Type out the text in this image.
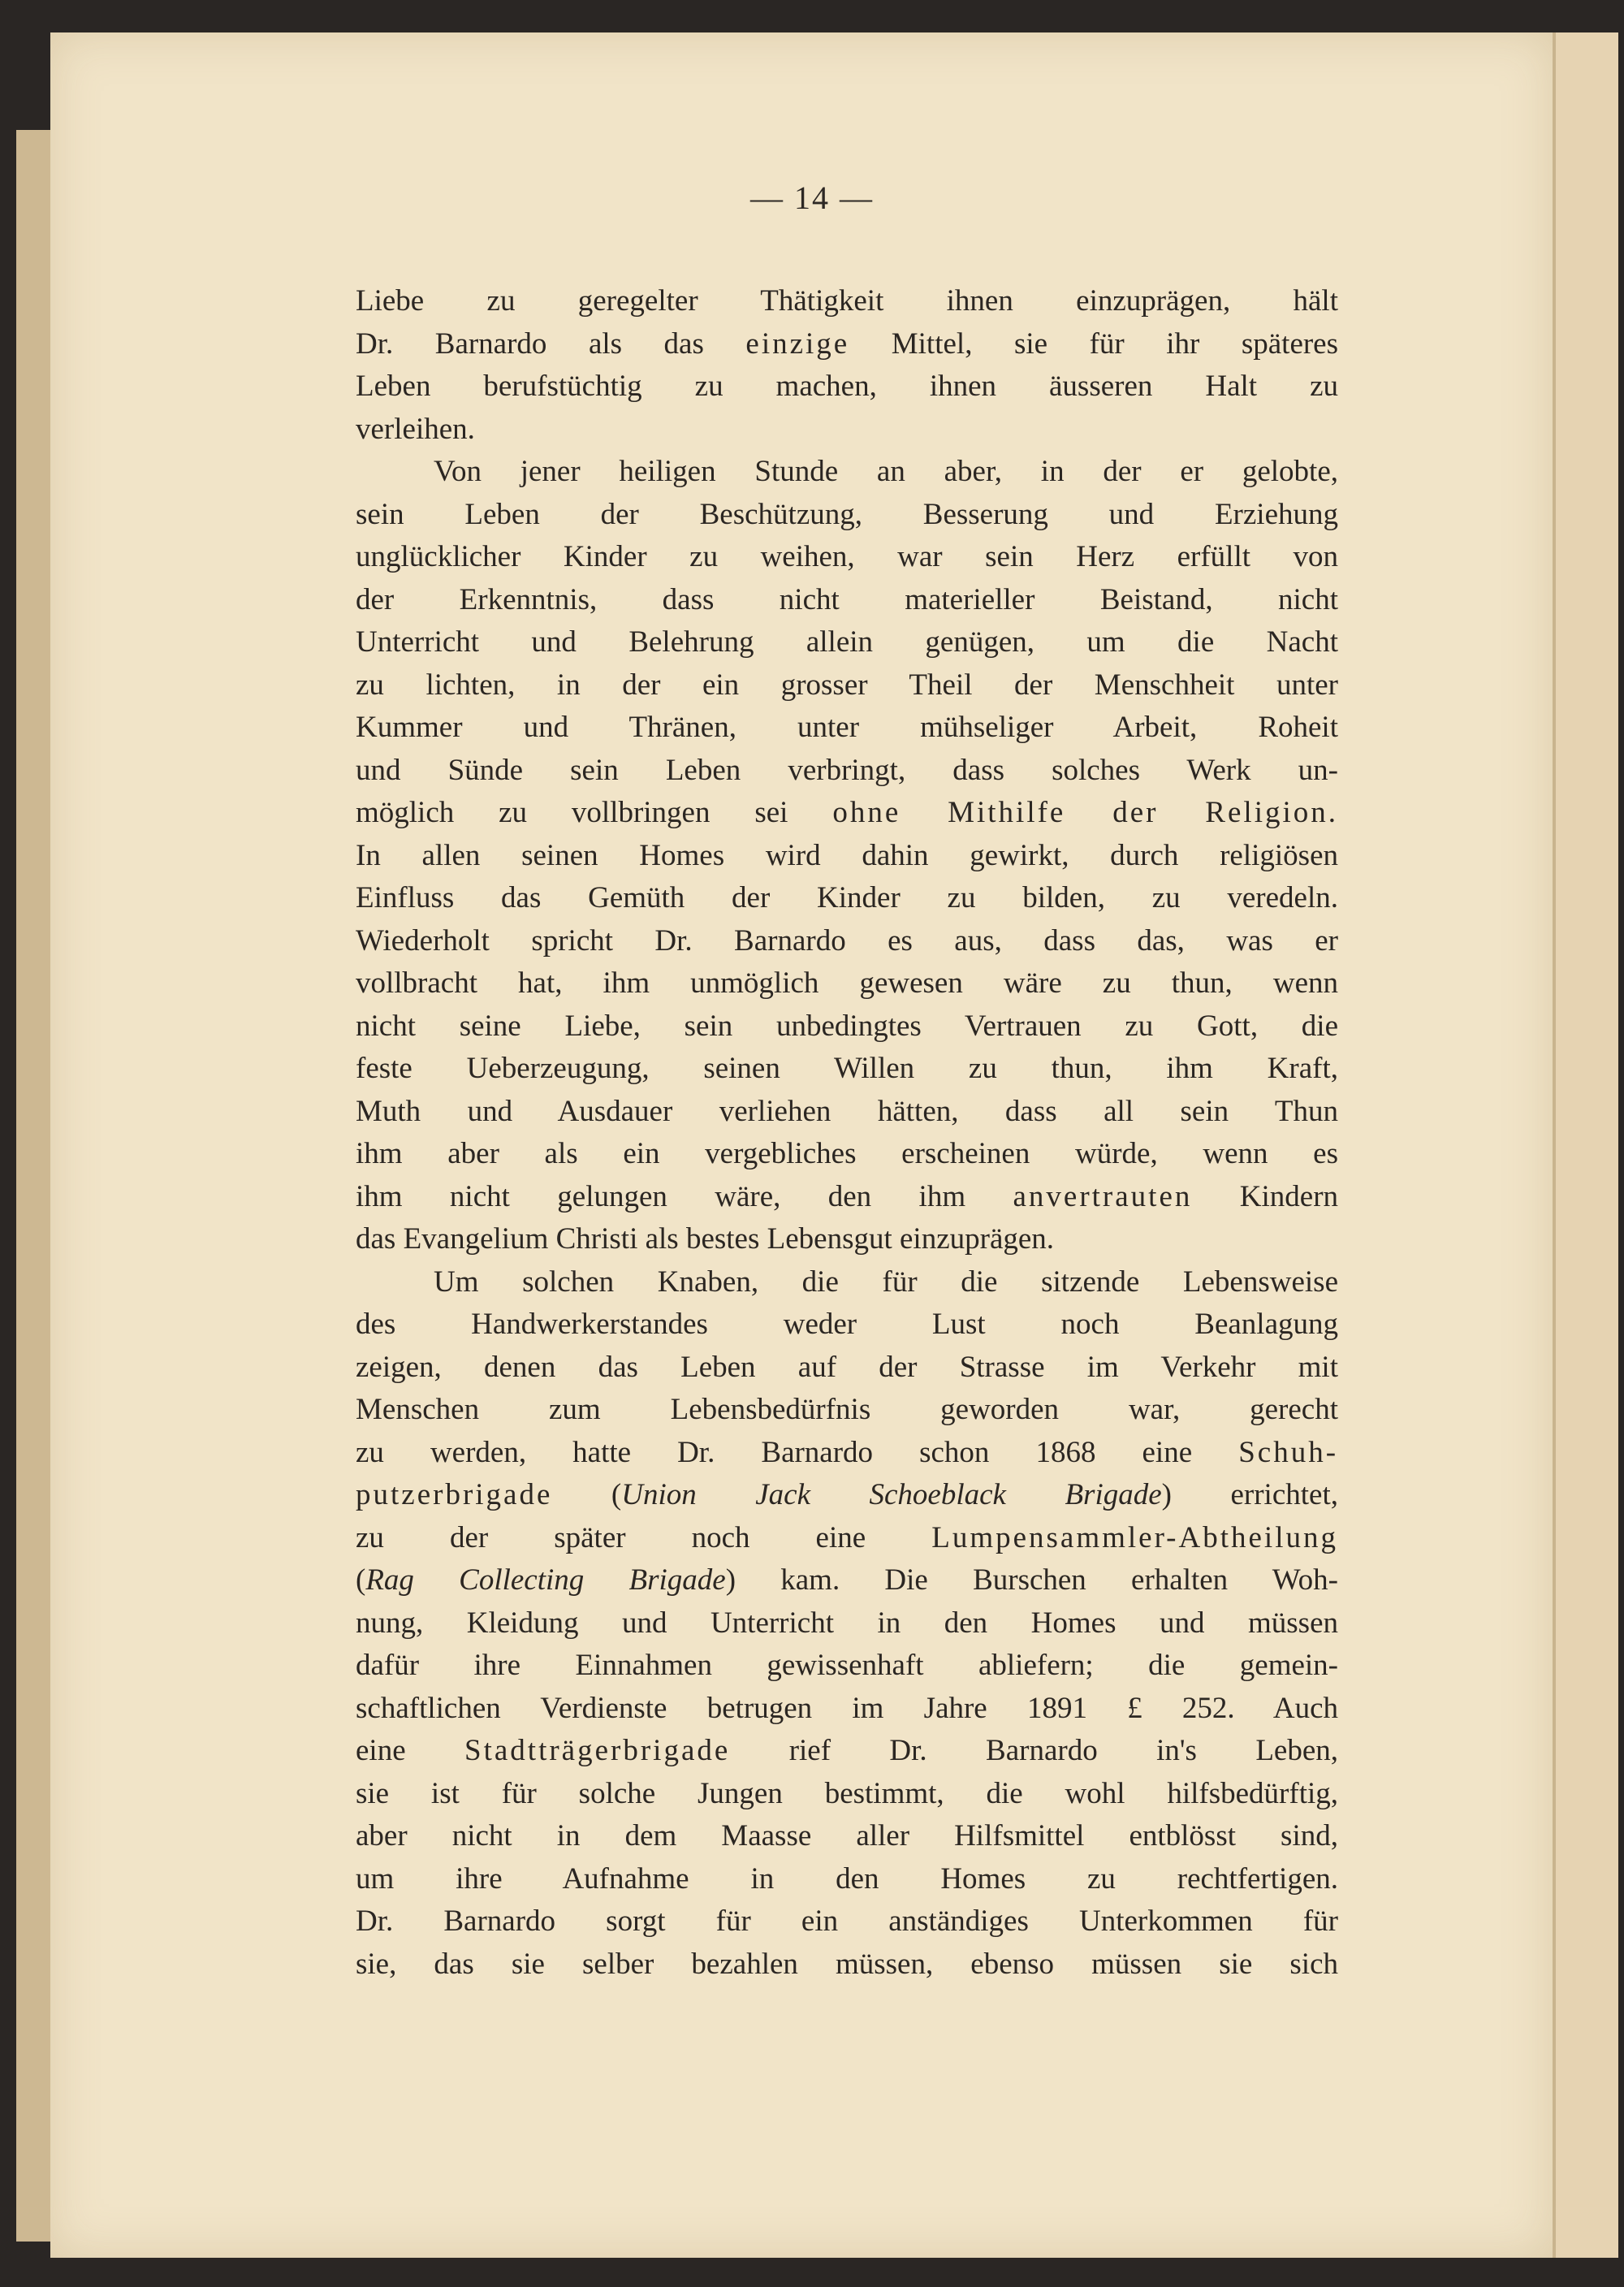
— 14 —
Liebe zu geregelter Thätigkeit ihnen einzuprägen, hält
Dr. Barnardo als das einzige Mittel, sie für ihr späteres
Leben berufstüchtig zu machen, ihnen äusseren Halt zu
verleihen.
Von jener heiligen Stunde an aber, in der er gelobte,
sein Leben der Beschützung, Besserung und Erziehung
unglücklicher Kinder zu weihen, war sein Herz erfüllt von
der Erkenntnis, dass nicht materieller Beistand, nicht
Unterricht und Belehrung allein genügen, um die Nacht
zu lichten, in der ein grosser Theil der Menschheit unter
Kummer und Thränen, unter mühseliger Arbeit, Roheit
und Sünde sein Leben verbringt, dass solches Werk un-
möglich zu vollbringen sei ohne Mithilfe der Religion.
In allen seinen Homes wird dahin gewirkt, durch religiösen
Einfluss das Gemüth der Kinder zu bilden, zu veredeln.
Wiederholt spricht Dr. Barnardo es aus, dass das, was er
vollbracht hat, ihm unmöglich gewesen wäre zu thun, wenn
nicht seine Liebe, sein unbedingtes Vertrauen zu Gott, die
feste Ueberzeugung, seinen Willen zu thun, ihm Kraft,
Muth und Ausdauer verliehen hätten, dass all sein Thun
ihm aber als ein vergebliches erscheinen würde, wenn es
ihm nicht gelungen wäre, den ihm anvertrauten Kindern
das Evangelium Christi als bestes Lebensgut einzuprägen.
Um solchen Knaben, die für die sitzende Lebensweise
des Handwerkerstandes weder Lust noch Beanlagung
zeigen, denen das Leben auf der Strasse im Verkehr mit
Menschen zum Lebensbedürfnis geworden war, gerecht
zu werden, hatte Dr. Barnardo schon 1868 eine Schuh-
putzerbrigade (Union Jack Schoeblack Brigade) errichtet,
zu der später noch eine Lumpensammler-Abtheilung
(Rag Collecting Brigade) kam. Die Burschen erhalten Woh-
nung, Kleidung und Unterricht in den Homes und müssen
dafür ihre Einnahmen gewissenhaft abliefern; die gemein-
schaftlichen Verdienste betrugen im Jahre 1891 £ 252. Auch
eine Stadtträgerbrigade rief Dr. Barnardo in's Leben,
sie ist für solche Jungen bestimmt, die wohl hilfsbedürftig,
aber nicht in dem Maasse aller Hilfsmittel entblösst sind,
um ihre Aufnahme in den Homes zu rechtfertigen.
Dr. Barnardo sorgt für ein anständiges Unterkommen für
sie, das sie selber bezahlen müssen, ebenso müssen sie sich
